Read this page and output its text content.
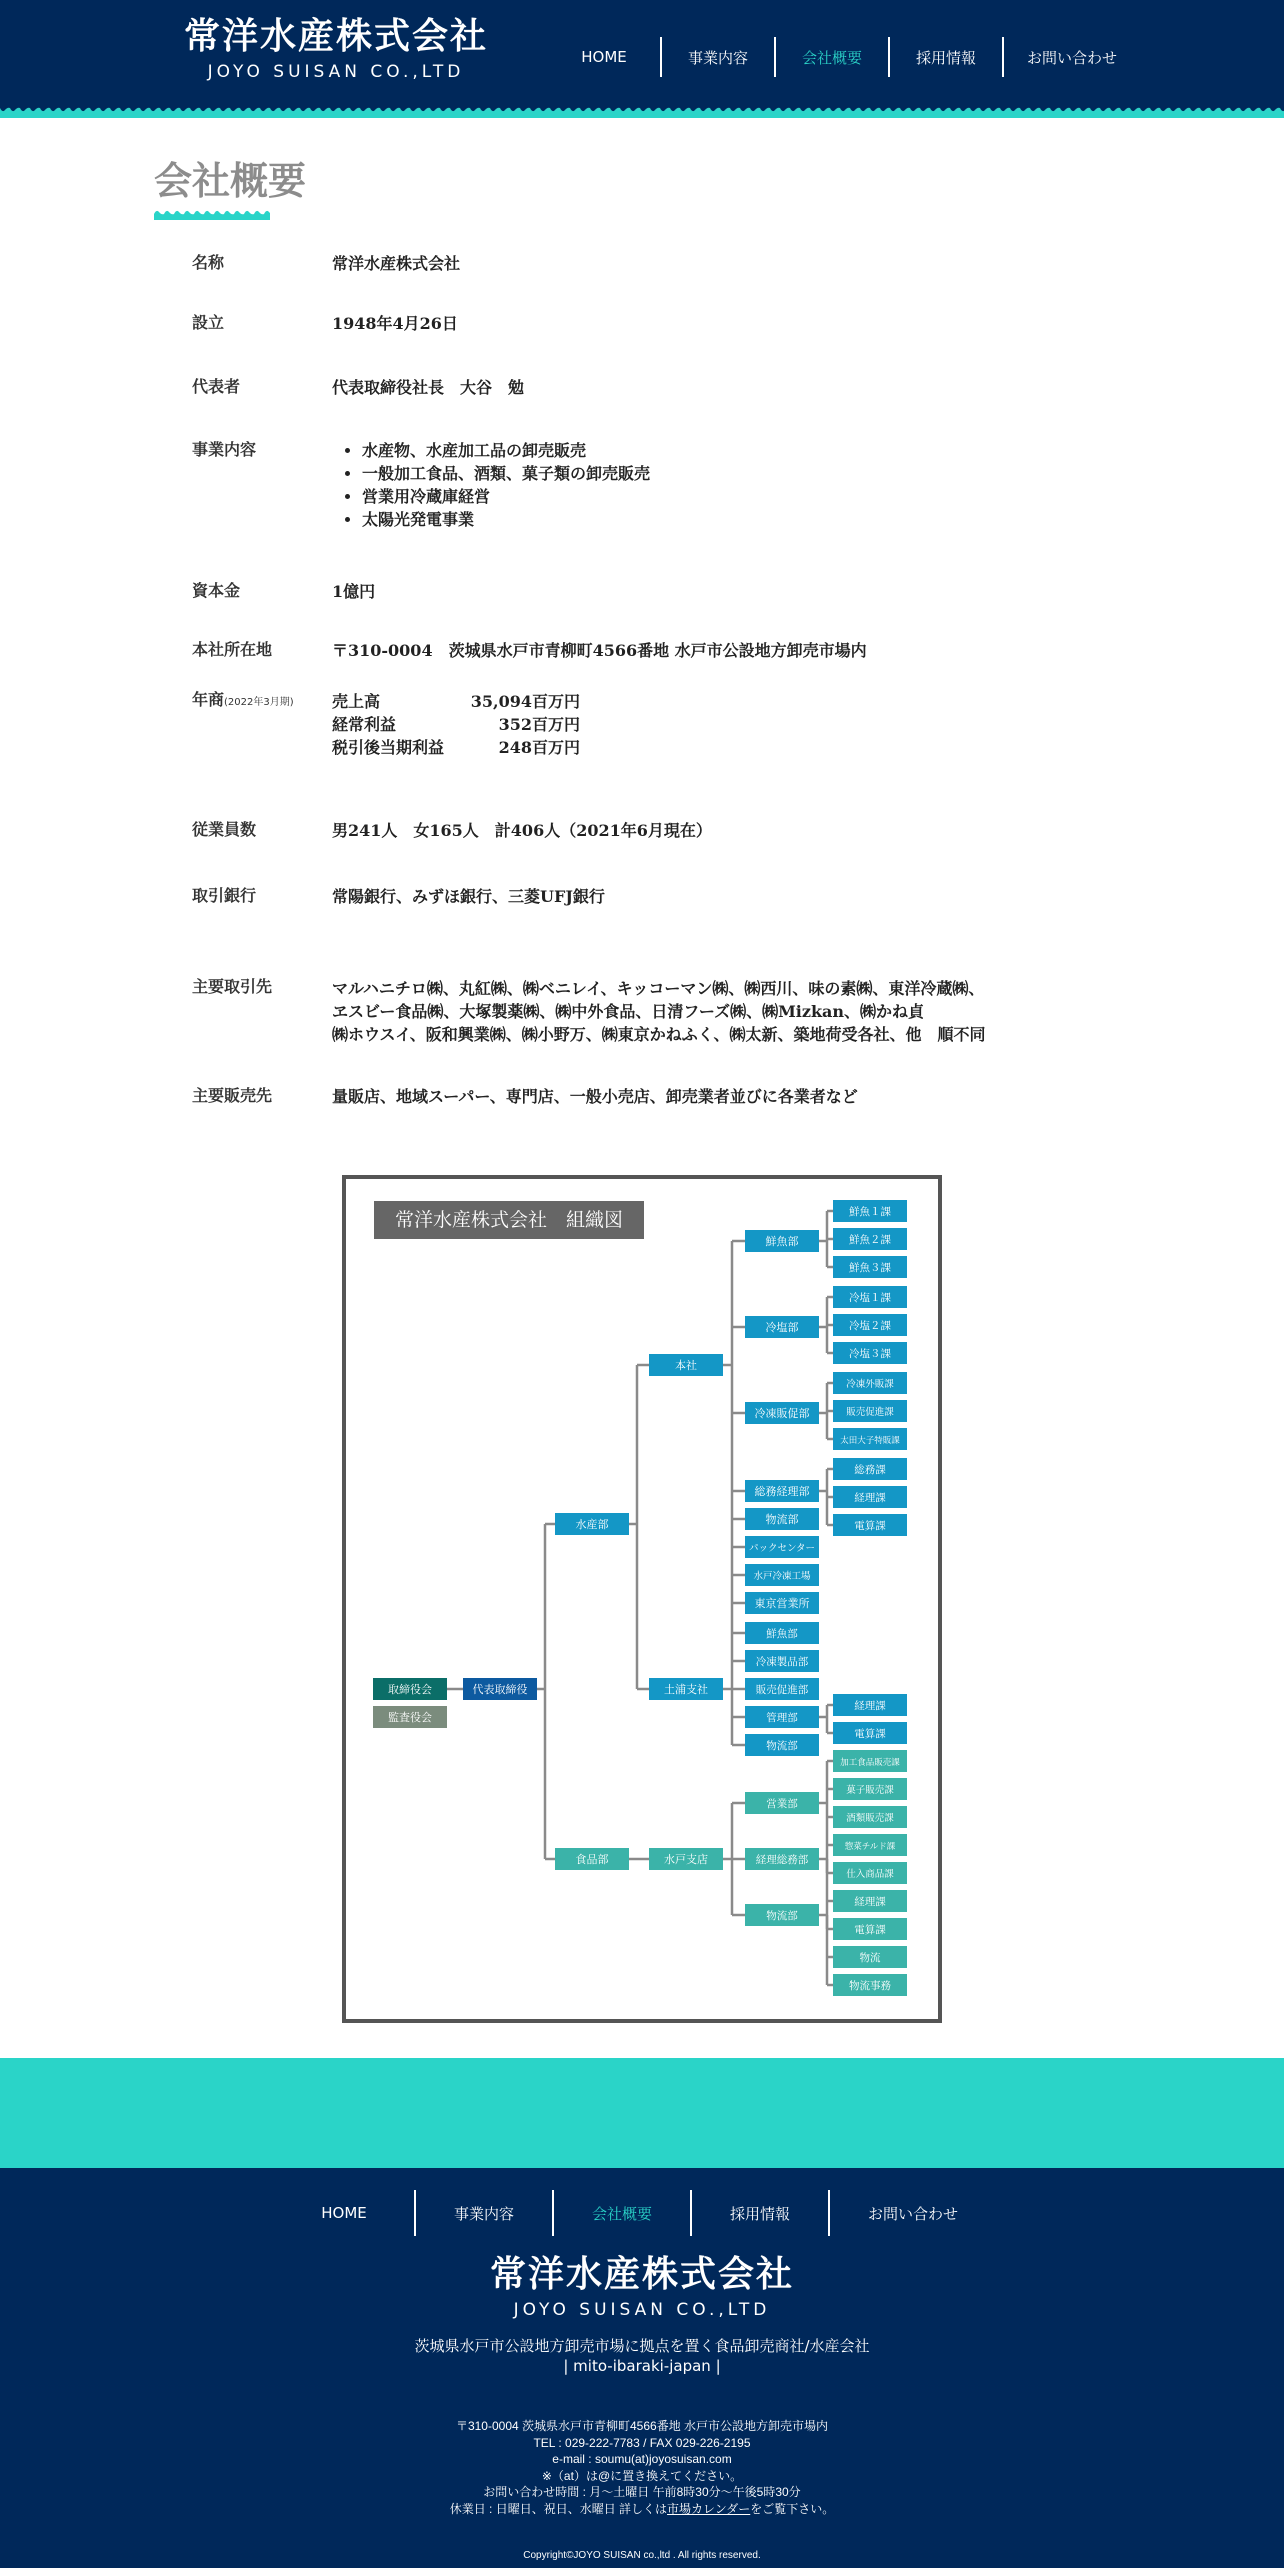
常洋水産株式会社
JOYO SUISAN CO.,LTD
HOME	事業内容	会社概要	採用情報	お問い合わせ
会社概要
名称	常洋水産株式会社
設立	1948年4月26日
代表者	代表取締役社長　大谷　勉
事業内容
•	水産物、水産加工品の卸売販売
• 一般加工食品、酒類、菓子類の卸売販売
• 営業用冷蔵庫経営
• 太陽光発電事業
資本金	1億円
本社所在地	〒310-0004　茨城県水戸市青柳町4566番地 水戸市公設地方卸売市場内
年商(2022年3月期) 売上高	35,094百万円
経常利益	352百万円
税引後当期利益	248百万円
従業員数	男241人　女165人　計406人（2021年6月現在）
取引銀行	常陽銀行、みずほ銀行、三菱UFJ銀行
主要取引先	マルハニチロ㈱、丸紅㈱、㈱ベニレイ、キッコーマン㈱、㈱西川、味の素㈱、東洋冷蔵㈱、
ヱスビー食品㈱、大塚製薬㈱、㈱中外食品、日清フーズ㈱、㈱Mizkan、㈱かね貞
㈱ホウスイ、阪和興業㈱、㈱小野万、㈱東京かねふく、㈱太新、築地荷受各社、他　順不同
主要販売先	量販店、地域スーパー、専門店、一般小売店、卸売業者並びに各業者など
常洋水産株式会社　組織図
取締役会
監査役会
代表取締役
水産部
食品部
本社
土浦支社
水戸支店
鮮魚部
冷塩部
冷凍販促部
総務経理部
物流部
パックセンター
水戸冷凍工場
東京営業所
鮮魚部
冷凍製品部
販売促進部
管理部
物流部
営業部
経理総務部
物流部
鮮魚１課
鮮魚２課
鮮魚３課
冷塩１課
冷塩２課
冷塩３課
冷凍外販課
販売促進課
太田大子特販課
総務課
経理課
電算課
経理課
電算課
加工食品販売課
菓子販売課
酒類販売課
惣菜チルド課
仕入商品課
経理課
電算課
物流
物流事務
HOME	事業内容	会社概要	採用情報	お問い合わせ
常洋水産株式会社
JOYO SUISAN CO.,LTD
茨城県水戸市公設地方卸売市場に拠点を置く食品卸売商社/水産会社
| mito-ibaraki-japan |
〒310-0004 茨城県水戸市青柳町4566番地 水戸市公設地方卸売市場内
TEL : 029-222-7783 / FAX 029-226-2195
e-mail : soumu(at)joyosuisan.com
※（at）は@に置き換えてください。
お問い合わせ時間 : 月～土曜日 午前8時30分～午後5時30分
休業日 : 日曜日、祝日、水曜日 詳しくは市場カレンダーをご覧下さい。
Copyright©JOYO SUISAN co.,ltd . All rights reserved.
